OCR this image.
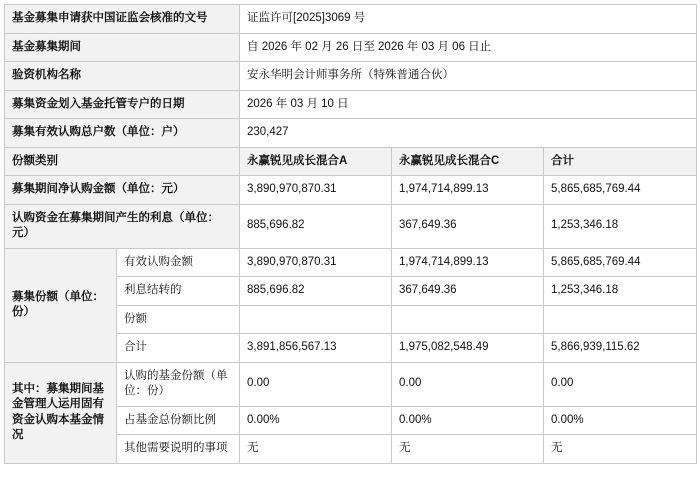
基金募集申请获中国证监会核准的文号		证监许可[2025]3069 号		
基金募集期间		自 2026 年 02 月 26 日至 2026 年 03 月 06 日止		
验资机构名称		安永华明会计师事务所（特殊普通合伙）		
募集资金划入基金托管专户的日期		2026 年 03 月 10 日		
募集有效认购总户数（单位：户）		230,427		
份额类别		永赢锐见成长混合A	永赢锐见成长混合C	合计
募集期间净认购金额（单位：元）		3,890,970,870.31	1,974,714,899.13	5,865,685,769.44
认购资金在募集期间产生的利息（单位：元）		885,696.82	367,649.36	1,253,346.18
募集份额（单位：份）	有效认购金额	3,890,970,870.31	1,974,714,899.13	5,865,685,769.44
	利息结转的	885,696.82	367,649.36	1,253,346.18
	份额			
	合计	3,891,856,567.13	1,975,082,548.49	5,866,939,115.62
其中：募集期间基金管理人运用固有资金认购本基金情况	认购的基金份额（单位：份）	0.00	0.00	0.00
	占基金总份额比例	0.00%	0.00%	0.00%
	其他需要说明的事项	无	无	无
